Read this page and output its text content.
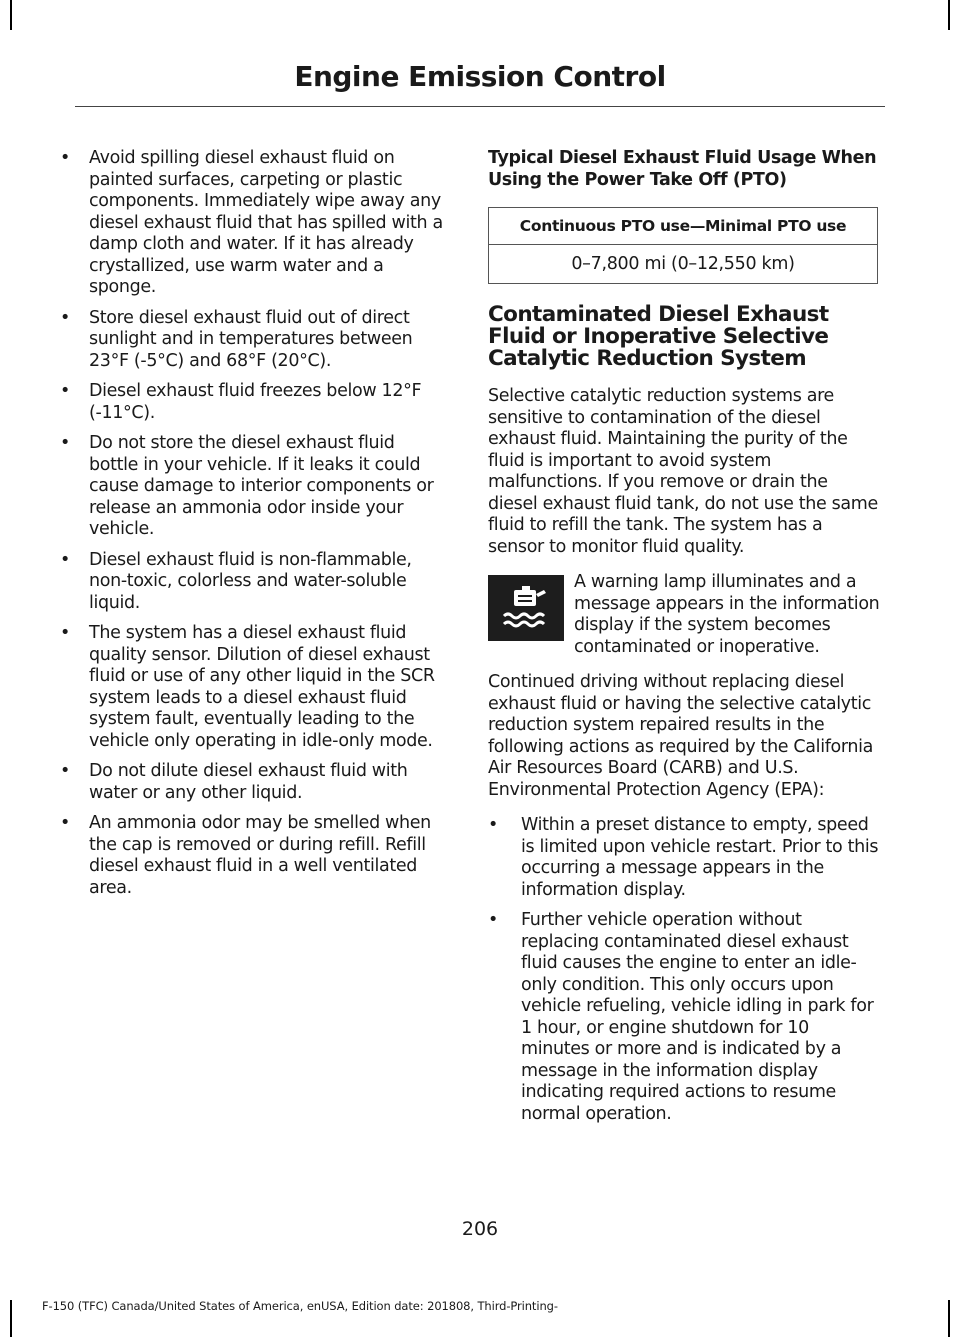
Engine Emission Control
• Avoid spilling diesel exhaust fluid on painted surfaces, carpeting or plastic components. Immediately wipe away any diesel exhaust fluid that has spilled with a damp cloth and water. If it has already crystallized, use warm water and a sponge.
• Store diesel exhaust fluid out of direct sunlight and in temperatures between 23°F (-5°C) and 68°F (20°C).
• Diesel exhaust fluid freezes below 12°F (-11°C).
• Do not store the diesel exhaust fluid bottle in your vehicle. If it leaks it could cause damage to interior components or release an ammonia odor inside your vehicle.
• Diesel exhaust fluid is non-flammable, non-toxic, colorless and water-soluble liquid.
• The system has a diesel exhaust fluid quality sensor. Dilution of diesel exhaust fluid or use of any other liquid in the SCR system leads to a diesel exhaust fluid system fault, eventually leading to the vehicle only operating in idle-only mode.
• Do not dilute diesel exhaust fluid with water or any other liquid.
• An ammonia odor may be smelled when the cap is removed or during refill. Refill diesel exhaust fluid in a well ventilated area.
Typical Diesel Exhaust Fluid Usage When Using the Power Take Off (PTO)
Continuous PTO use—Minimal PTO use
0–7,800 mi (0–12,550 km)
Contaminated Diesel Exhaust Fluid or Inoperative Selective Catalytic Reduction System

Selective catalytic reduction systems are sensitive to contamination of the diesel exhaust fluid. Maintaining the purity of the fluid is important to avoid system malfunctions. If you remove or drain the diesel exhaust fluid tank, do not use the same fluid to refill the tank. The system has a sensor to monitor fluid quality.

A warning lamp illuminates and a message appears in the information display if the system becomes contaminated or inoperative.

Continued driving without replacing diesel exhaust fluid or having the selective catalytic reduction system repaired results in the following actions as required by the California Air Resources Board (CARB) and U.S. Environmental Protection Agency (EPA):

• Within a preset distance to empty, speed is limited upon vehicle restart. Prior to this occurring a message appears in the information display.
• Further vehicle operation without replacing contaminated diesel exhaust fluid causes the engine to enter an idle-only condition. This only occurs upon vehicle refueling, vehicle idling in park for 1 hour, or engine shutdown for 10 minutes or more and is indicated by a message in the information display indicating required actions to resume normal operation.
206
F-150 (TFC) Canada/United States of America, enUSA, Edition date: 201808, Third-Printing-
